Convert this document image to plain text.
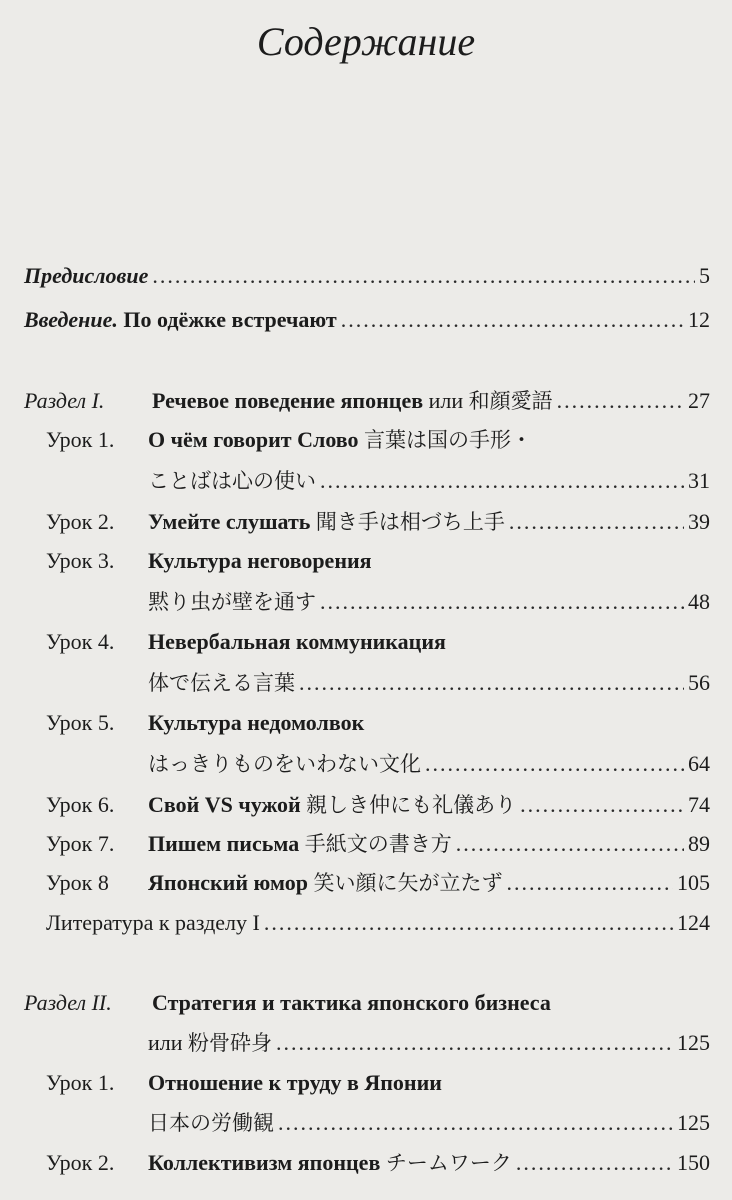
Содержание
Предисловие .....	5
Введение. По одёжке встречают .....	12
Раздел I. Речевое поведение японцев или 和顔愛語 .....	27
Урок 1. О чём говорит Слово 言葉は国の手形・
ことばは心の使い .....	31
Урок 2. Умейте слушать 聞き手は相づち上手 .....	39
Урок 3. Культура неговорения
黙り虫が壁を通す .....	48
Урок 4. Невербальная коммуникация
体で伝える言葉 .....	56
Урок 5. Культура недомолвок
はっきりものをいわない文化 .....	64
Урок 6. Свой VS чужой 親しき仲にも礼儀あり .....	74
Урок 7. Пишем письма 手紙文の書き方 .....	89
Урок 8 Японский юмор 笑い顔に矢が立たず .....	105
Литература к разделу I .....	124
Раздел II. Стратегия и тактика японского бизнеса
или 粉骨砕身 .....	125
Урок 1. Отношение к труду в Японии
日本の労働観 .....	125
Урок 2. Коллективизм японцев チームワーク .....	150
